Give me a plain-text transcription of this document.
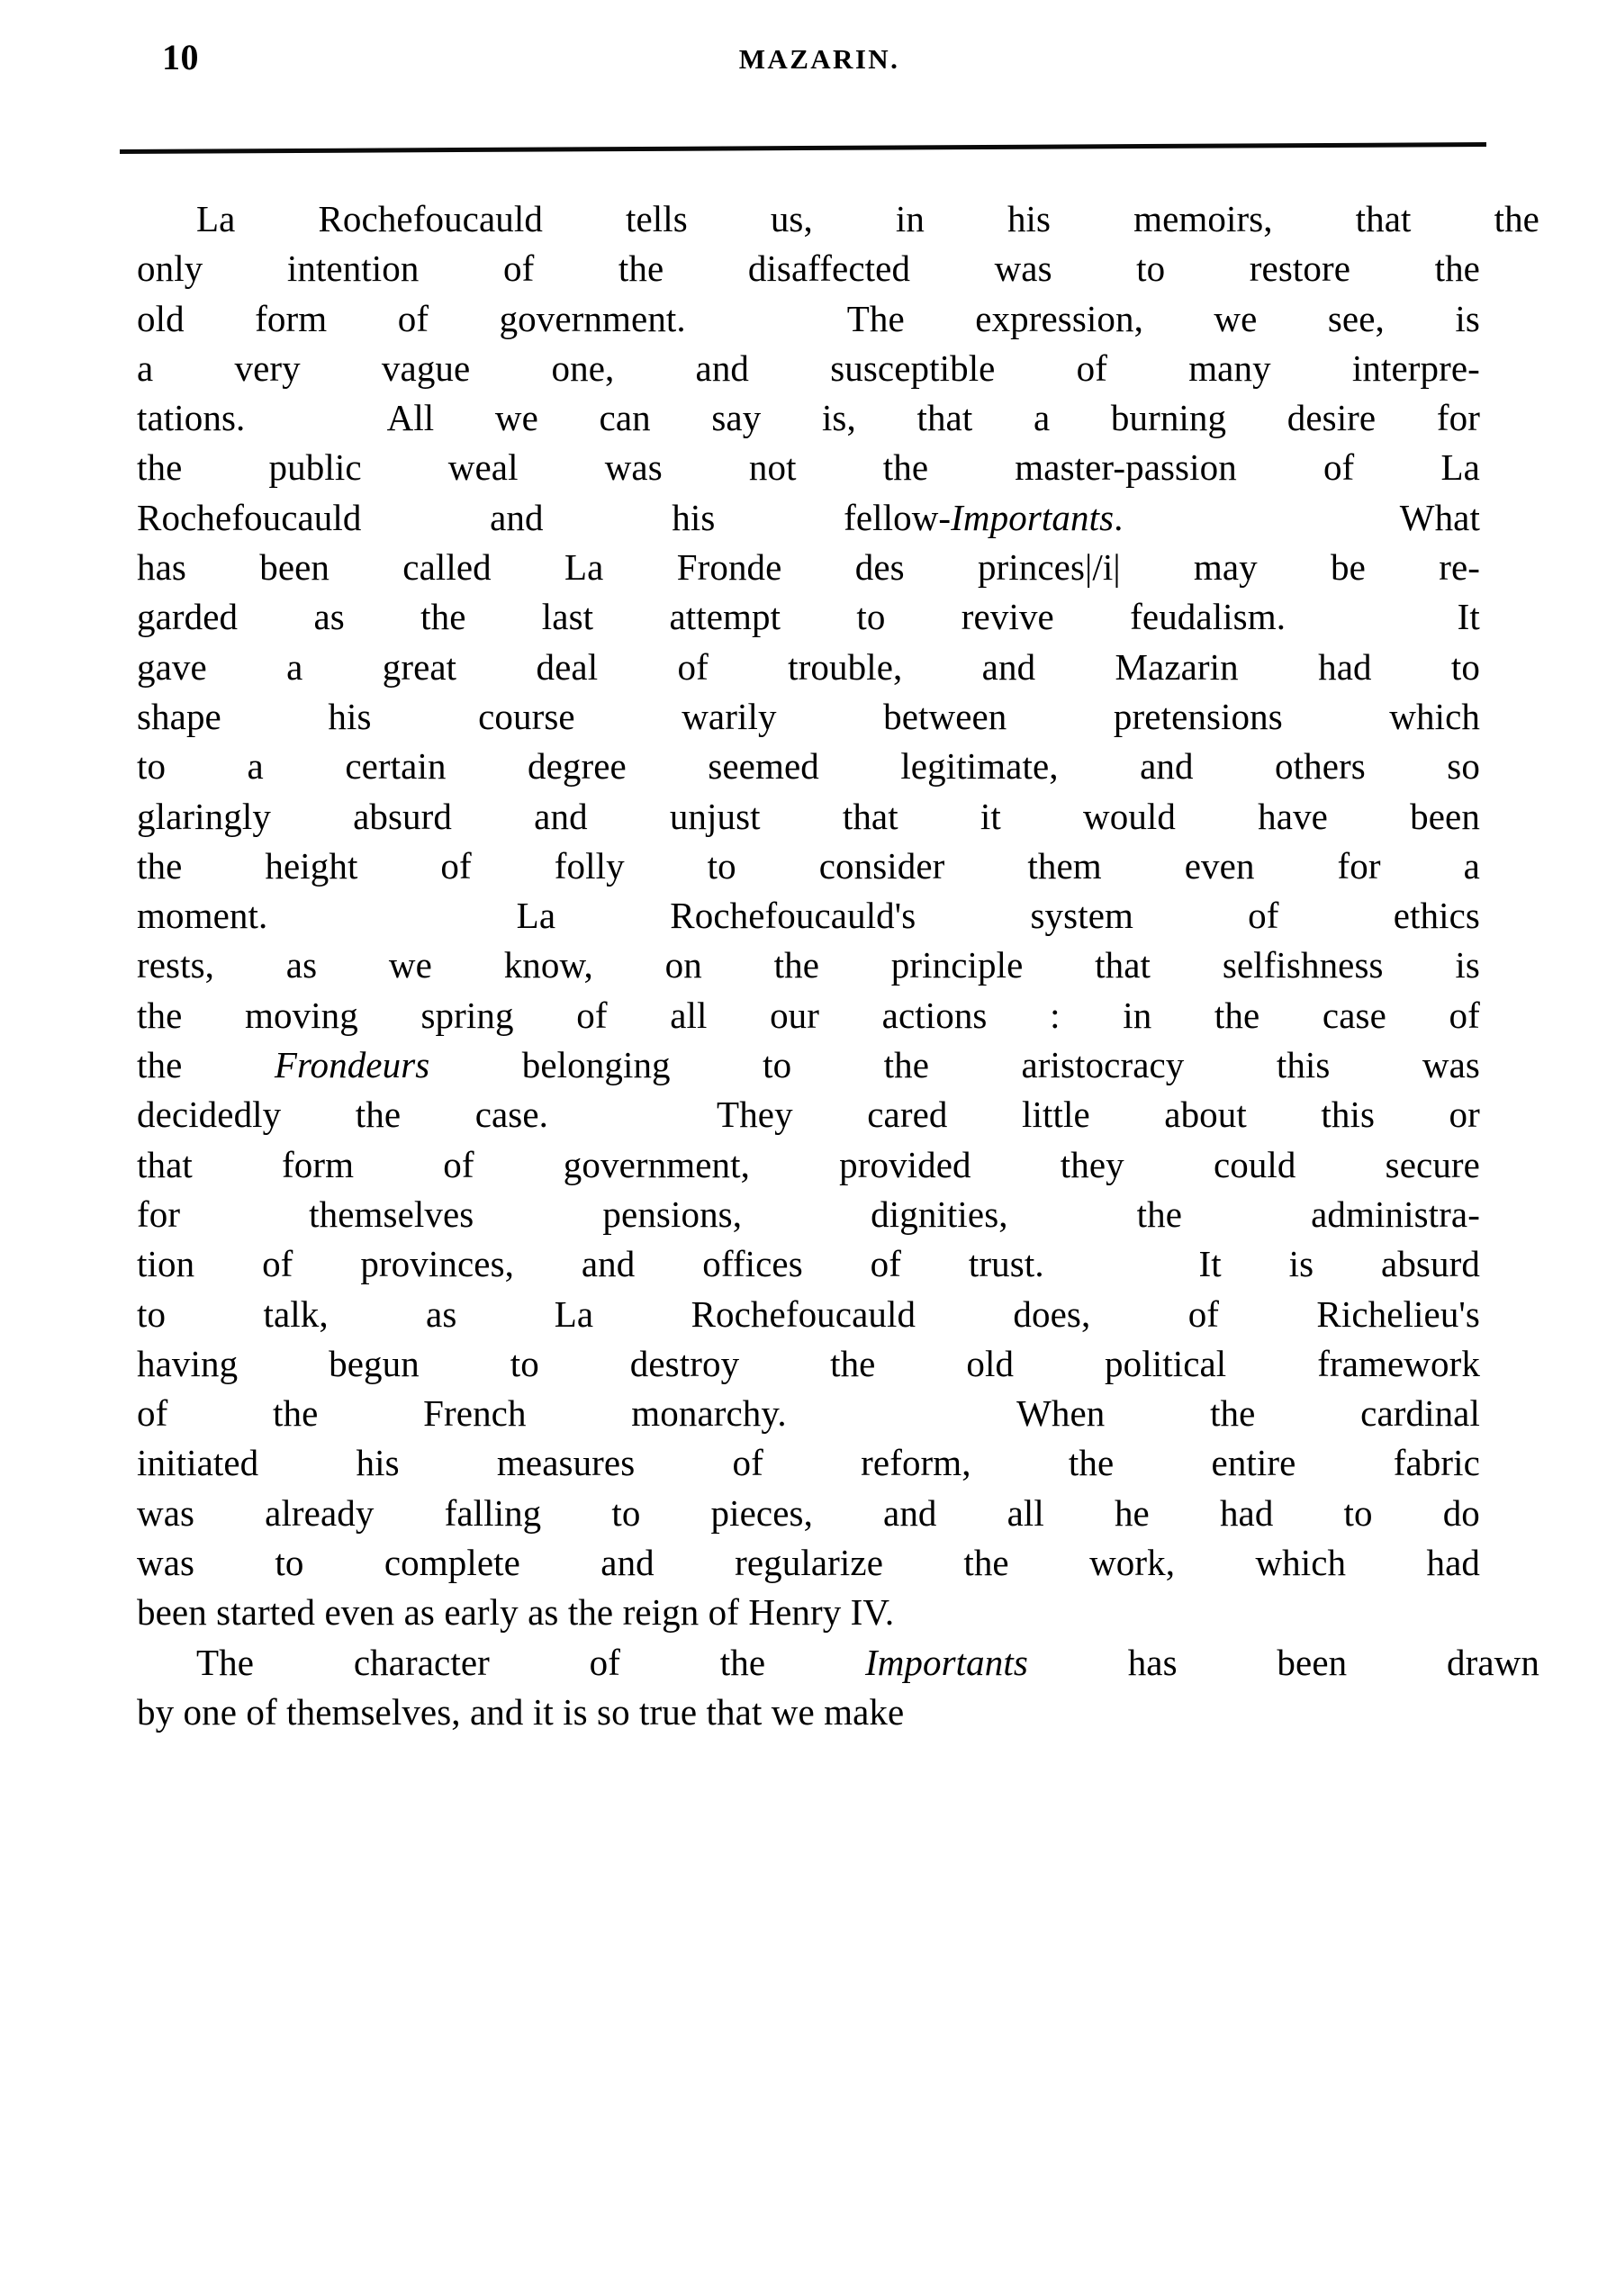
10	MAZARIN.
La Rochefoucauld tells us, in his memoirs, that the
only intention of the disaffected was to restore the
old form of government.	The expression, we see, is
a very vague one, and susceptible of many interpre-
tations.	All we can say is, that a burning desire for
the public weal was not the master-passion of La
Rochefoucauld	and	his	fellow-Importants.	What
has been called La Fronde des princes|/i| may be re-
garded as the last attempt to revive feudalism.	It
gave a great deal of trouble, and Mazarin had to
shape	his	course	warily	between	pretensions	which
to a certain degree seemed legitimate, and others so
glaringly absurd and unjust that it would have been
the height of folly to consider them even for a
moment.	La	Rochefoucauld's	system	of	ethics
rests, as we know, on the principle that selfishness is
the moving spring of all our actions : in the case of
the Frondeurs belonging to the aristocracy this was
decidedly the case.	They cared little about this or
that form of government, provided they could secure
for	themselves	pensions,	dignities,	the	administra-
tion of provinces, and offices of trust.	It is absurd
to	talk,	as	La	Rochefoucauld	does,	of	Richelieu's
having begun to destroy the old political framework
of	the	French	monarchy.	When	the	cardinal
initiated	his	measures	of	reform,	the	entire	fabric
was already falling to pieces, and all he had to do
was to complete and regularize the work, which had
been started even as early as the reign of Henry IV.
The	character	of	the	Importants	has	been	drawn
by one of themselves, and it is so true that we make
